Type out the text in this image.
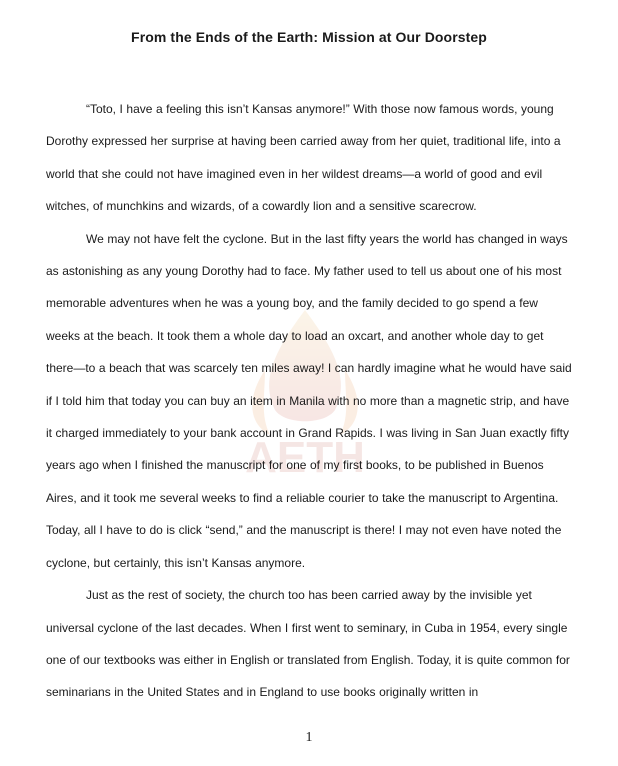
AETH
From the Ends of the Earth: Mission at Our Doorstep

“Toto, I have a feeling this isn’t Kansas anymore!” With those now famous words, young Dorothy expressed her surprise at having been carried away from her quiet, traditional life, into a world that she could not have imagined even in her wildest dreams—a world of good and evil witches, of munchkins and wizards, of a cowardly lion and a sensitive scarecrow.

We may not have felt the cyclone. But in the last fifty years the world has changed in ways as astonishing as any young Dorothy had to face. My father used to tell us about one of his most memorable adventures when he was a young boy, and the family decided to go spend a few weeks at the beach. It took them a whole day to load an oxcart, and another whole day to get there—to a beach that was scarcely ten miles away! I can hardly imagine what he would have said if I told him that today you can buy an item in Manila with no more than a magnetic strip, and have it charged immediately to your bank account in Grand Rapids. I was living in San Juan exactly fifty years ago when I finished the manuscript for one of my first books, to be published in Buenos Aires, and it took me several weeks to find a reliable courier to take the manuscript to Argentina. Today, all I have to do is click “send,” and the manuscript is there! I may not even have noted the cyclone, but certainly, this isn’t Kansas anymore.

Just as the rest of society, the church too has been carried away by the invisible yet universal cyclone of the last decades. When I first went to seminary, in Cuba in 1954, every single one of our textbooks was either in English or translated from English. Today, it is quite common for seminarians in the United States and in England to use books originally written in

1
